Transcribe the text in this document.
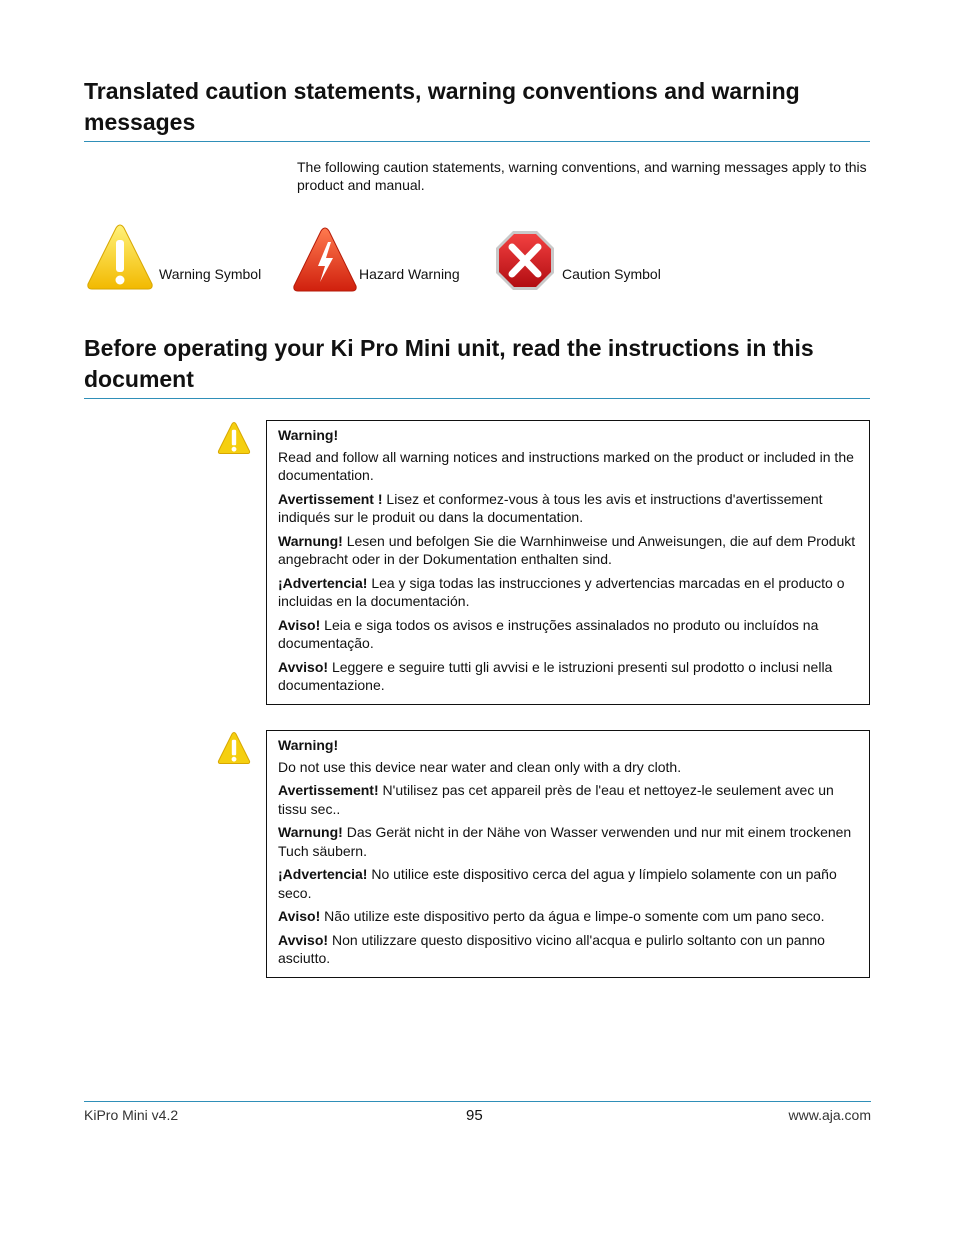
Translated caution statements, warning conventions and warning messages
The following caution statements, warning conventions, and warning messages apply to this product and manual.
Warning Symbol	Hazard Warning	Caution Symbol
Before operating your Ki Pro Mini unit, read the instructions in this document
Warning!

Read and follow all warning notices and instructions marked on the product or included in the documentation.

Avertissement ! Lisez et conformez-vous à tous les avis et instructions d'avertissement indiqués sur le produit ou dans la documentation.

Warnung! Lesen und befolgen Sie die Warnhinweise und Anweisungen, die auf dem Produkt angebracht oder in der Dokumentation enthalten sind.

¡Advertencia! Lea y siga todas las instrucciones y advertencias marcadas en el producto o incluidas en la documentación.

Aviso! Leia e siga todos os avisos e instruções assinalados no produto ou incluídos na documentação.

Avviso! Leggere e seguire tutti gli avvisi e le istruzioni presenti sul prodotto o inclusi nella documentazione.

Warning!

Do not use this device near water and clean only with a dry cloth.

Avertissement! N'utilisez pas cet appareil près de l'eau et nettoyez-le seulement avec un tissu sec..

Warnung! Das Gerät nicht in der Nähe von Wasser verwenden und nur mit einem trockenen Tuch säubern.

¡Advertencia! No utilice este dispositivo cerca del agua y límpielo solamente con un paño seco.

Aviso! Não utilize este dispositivo perto da água e limpe-o somente com um pano seco.

Avviso! Non utilizzare questo dispositivo vicino all'acqua e pulirlo soltanto con un panno asciutto.

KiPro Mini v4.2	95	www.aja.com
